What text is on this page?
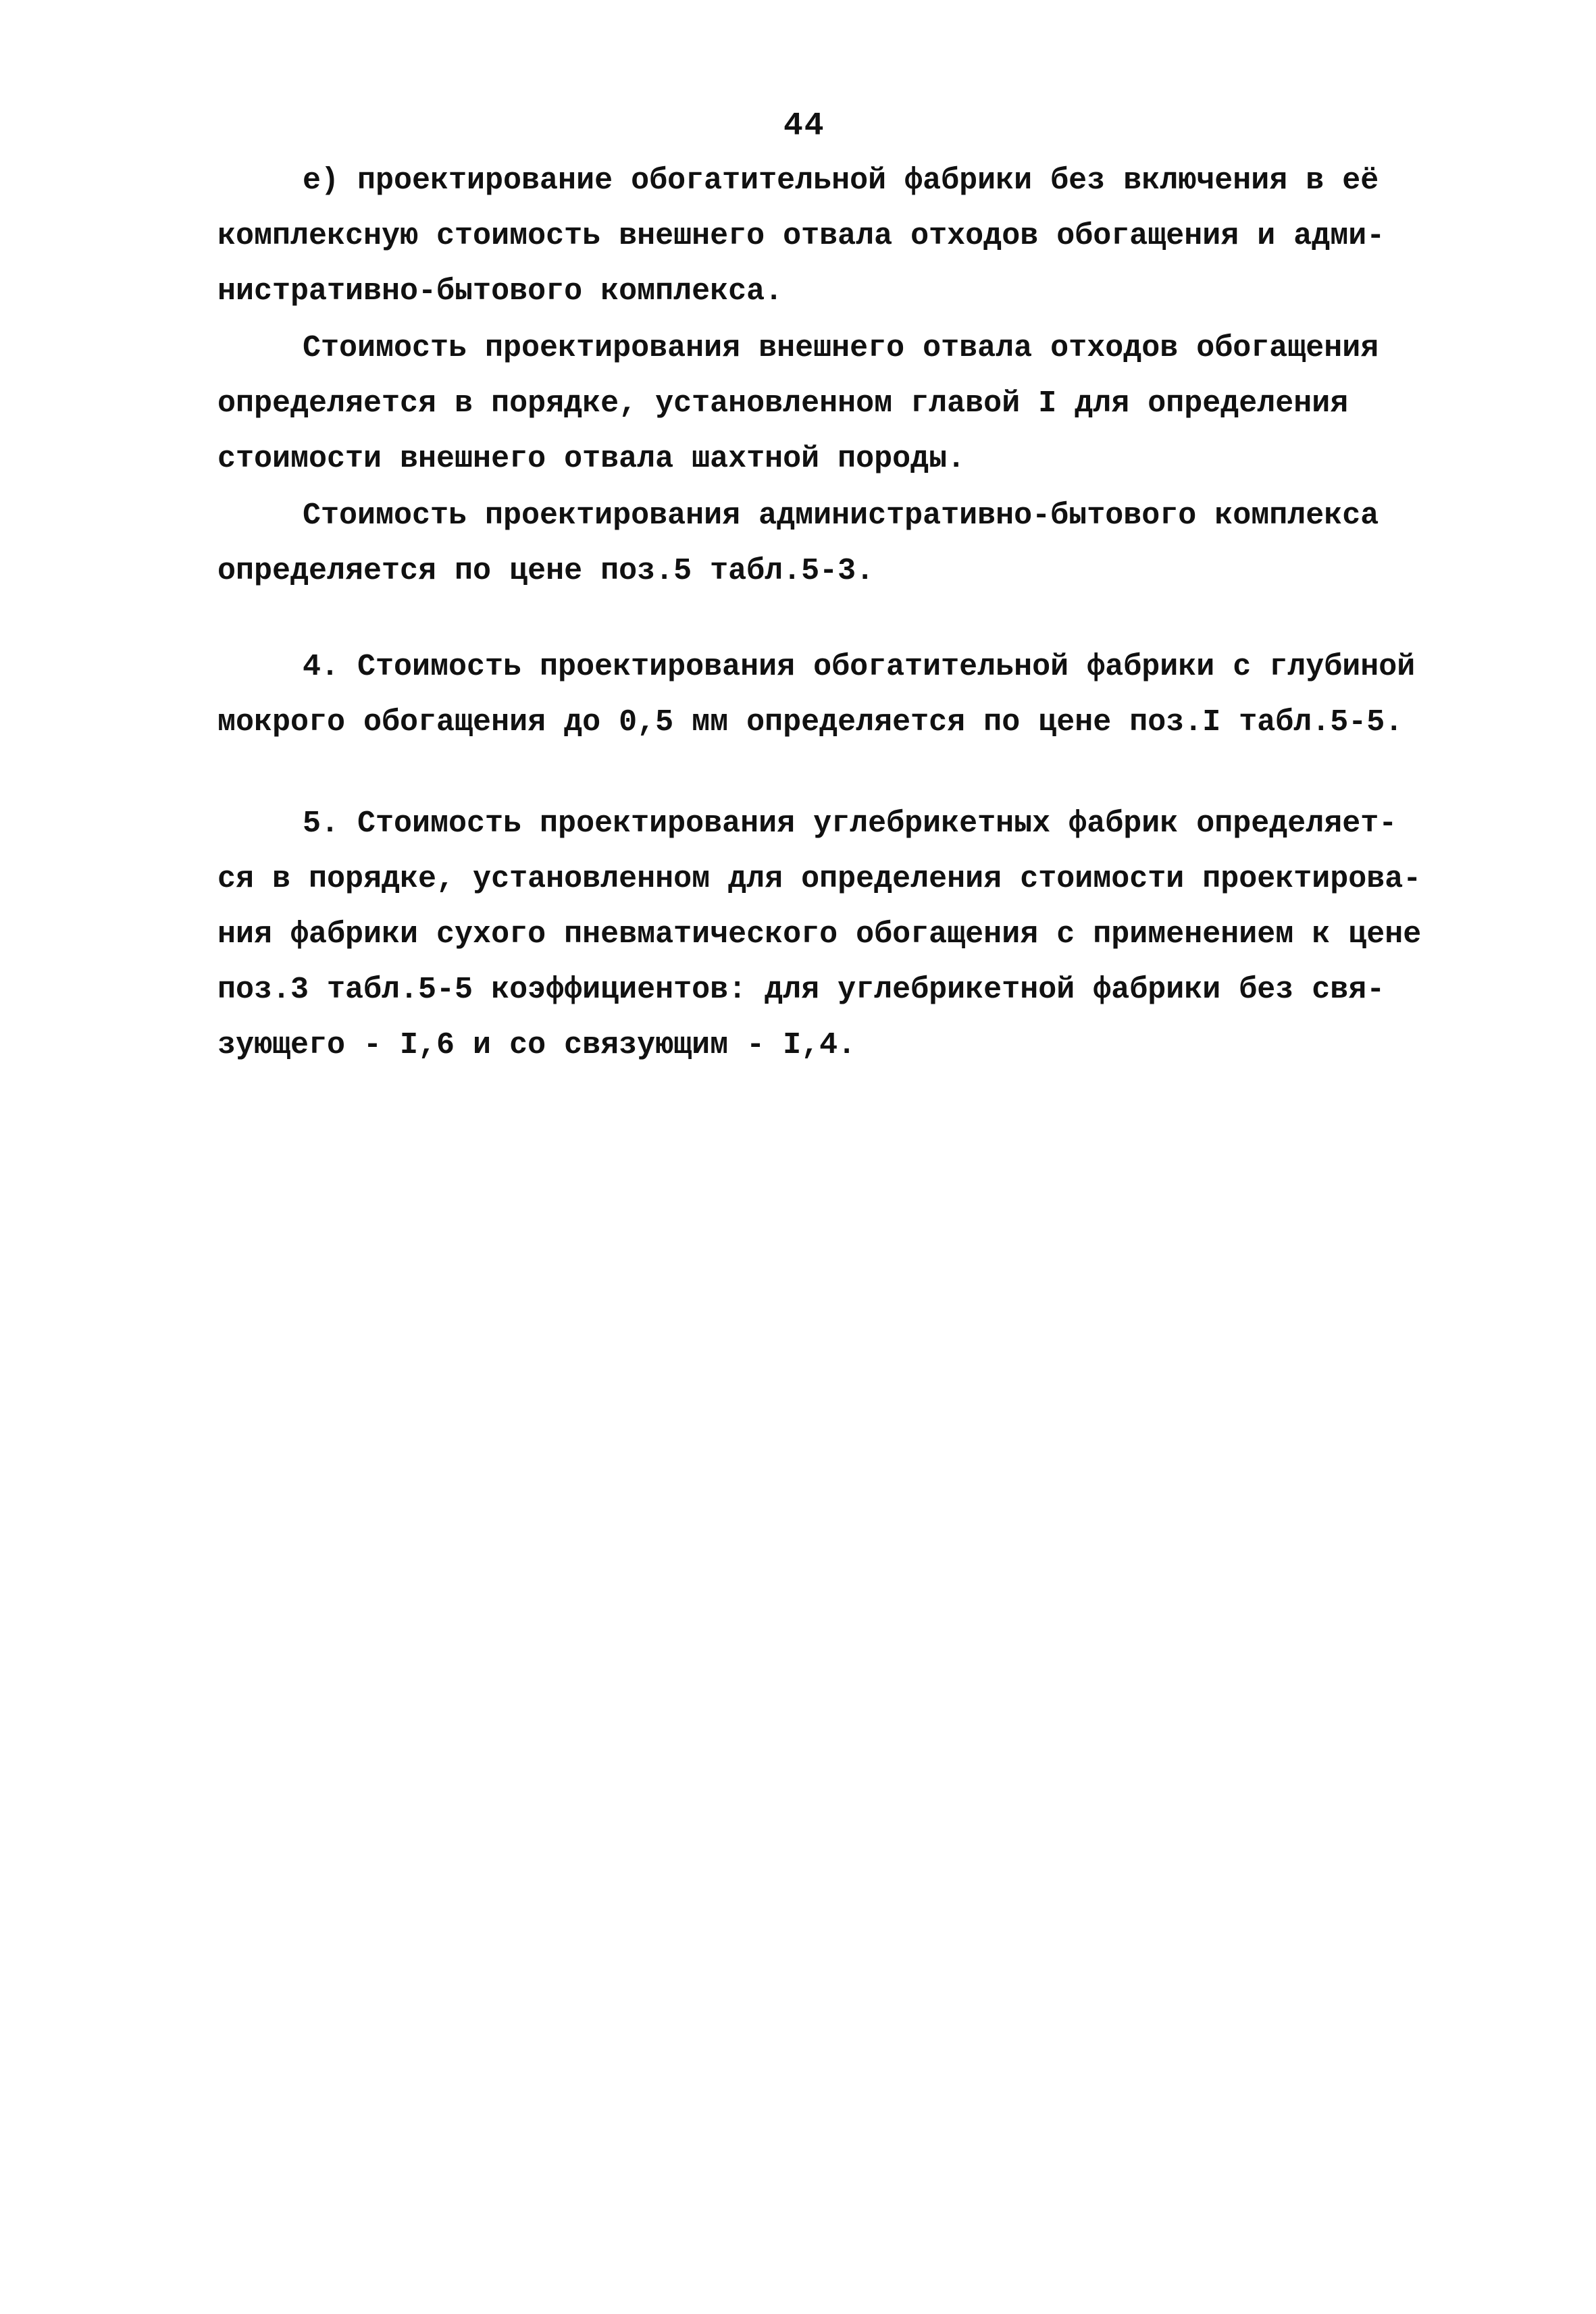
44
е) проектирование обогатительной фабрики без включения в её
комплексную стоимость внешнего отвала отходов обогащения и адми-
нистративно-бытового комплекса.
Стоимость проектирования внешнего отвала отходов обогащения
определяется в порядке, установленном главой I для определения
стоимости внешнего отвала шахтной породы.
Стоимость проектирования административно-бытового комплекса
определяется по цене поз.5 табл.5-3.
4. Стоимость проектирования обогатительной фабрики с глубиной
мокрого обогащения до 0,5 мм определяется по цене поз.I табл.5-5.
5. Стоимость проектирования углебрикетных фабрик определяет-
ся в порядке, установленном для определения стоимости проектирова-
ния фабрики сухого пневматического обогащения с применением к цене
поз.3 табл.5-5 коэффициентов: для углебрикетной фабрики без свя-
зующего - I,6 и со связующим - I,4.
